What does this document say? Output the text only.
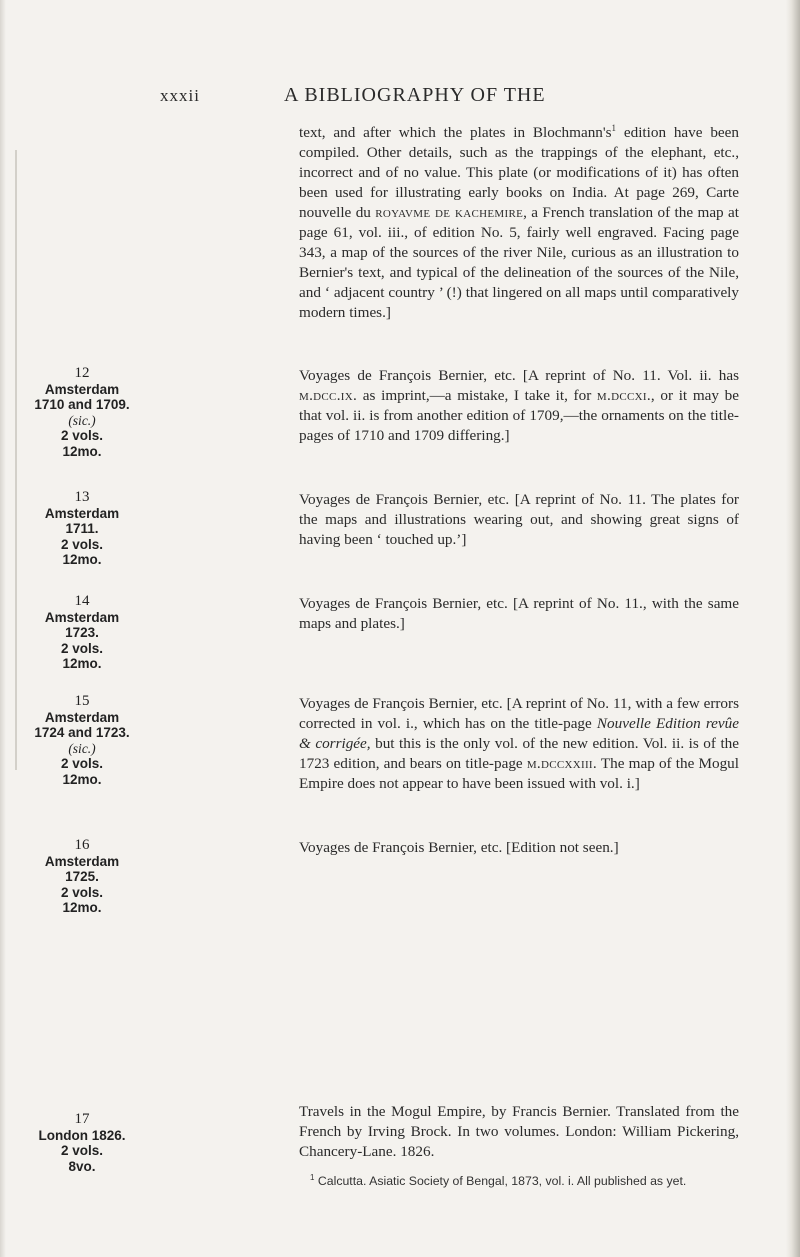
xxxii	A BIBLIOGRAPHY OF THE

text, and after which the plates in $Blochmann's^1$ edition have been compiled. Other details, such as the trappings of the elephant, etc., incorrect and of no value. This plate (or modifications of it) has often been used for illustrating early books on India. At page 269, Carte nouvelle du royavme de kachemire, a French translation of the map at page 61, vol. iii., of edition No. 5, fairly well engraved. Facing page 343, a map of the sources of the river Nile, curious as an illustration to Bernier's text, and typical of the delineation of the sources of the Nile, and ‘ adjacent country ’ (!) that lingered on all maps until comparatively modern times.]

12
Amsterdam
1710 and 1709.
(sic.)
2 vols.
12mo.
Voyages de François Bernier, etc. [A reprint of No. 11. Vol. ii. has m.dcc.ix. as imprint,—a mistake, I take it, for m.dccxi., or it may be that vol. ii. is from another edition of 1709,—the ornaments on the title-pages of 1710 and 1709 differing.]
13
Amsterdam
1711.
2 vols.
12mo.
Voyages de François Bernier, etc. [A reprint of No. 11. The plates for the maps and illustrations wearing out, and showing great signs of having been ‘ touched up.’]
14
Amsterdam
1723.
2 vols.
12mo.
Voyages de François Bernier, etc. [A reprint of No. 11., with the same maps and plates.]
15
Amsterdam
1724 and 1723.
(sic.)
2 vols.
12mo.
Voyages de François Bernier, etc. [A reprint of No. 11, with a few errors corrected in vol. i., which has on the title-page Nouvelle Edition revûe & corrigée, but this is the only vol. of the new edition. Vol. ii. is of the 1723 edition, and bears on title-page m.dccxxiii. The map of the Mogul Empire does not appear to have been issued with vol. i.]
16
Amsterdam
1725.
2 vols.
12mo.
Voyages de François Bernier, etc. [Edition not seen.]
17
London 1826.
2 vols.
8vo.
Travels in the Mogul Empire, by Francis Bernier. Translated from the French by Irving Brock. In two volumes. London: William Pickering, Chancery-Lane. 1826.
$^1$ Calcutta. Asiatic Society of Bengal, 1873, vol. i. All published as yet.
